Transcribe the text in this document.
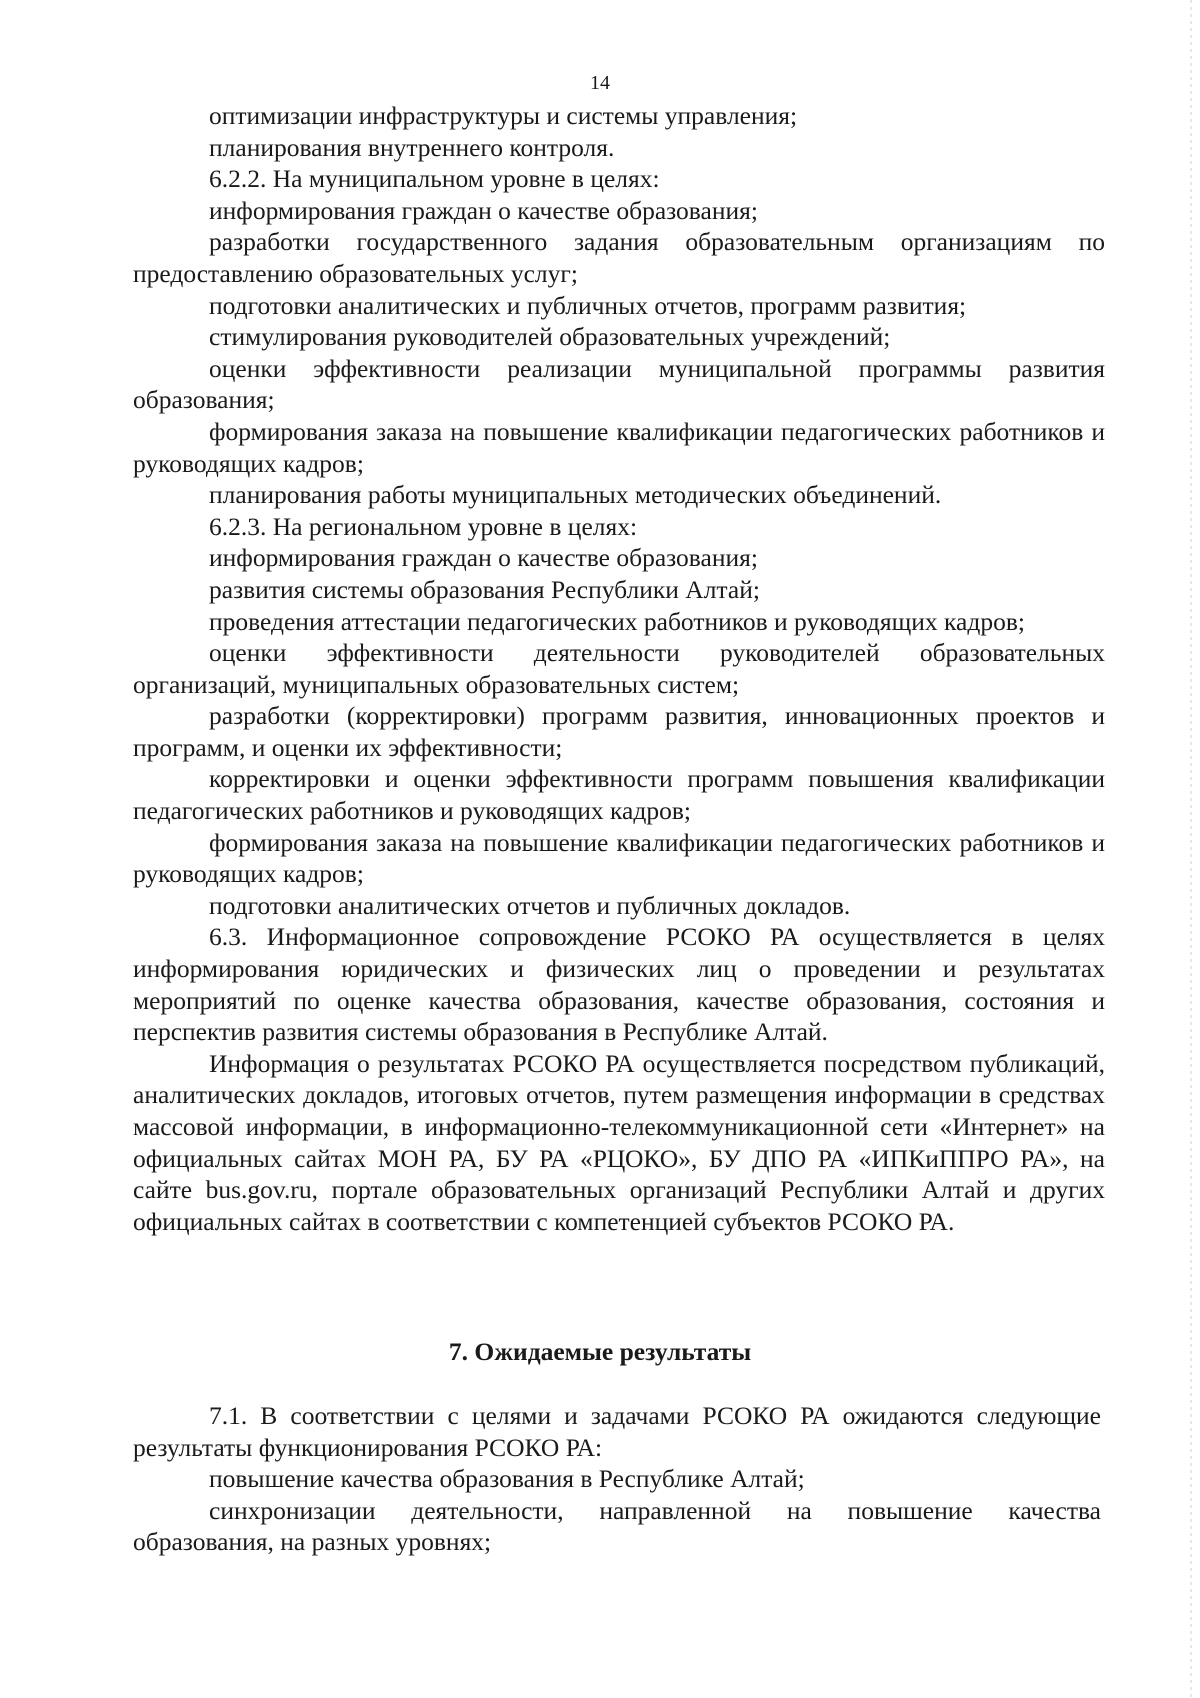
14

оптимизации инфраструктуры и системы управления;

планирования внутреннего контроля.

6.2.2. На муниципальном уровне в целях:

информирования граждан о качестве образования;

разработки государственного задания образовательным организациям по предоставлению образовательных услуг;

подготовки аналитических и публичных отчетов, программ развития;

стимулирования руководителей образовательных учреждений;

оценки эффективности реализации муниципальной программы развития образования;

формирования заказа на повышение квалификации педагогических работников и руководящих кадров;

планирования работы муниципальных методических объединений.

6.2.3. На региональном уровне в целях:

информирования граждан о качестве образования;

развития системы образования Республики Алтай;

проведения аттестации педагогических работников и руководящих кадров;

оценки эффективности деятельности руководителей образовательных организаций, муниципальных образовательных систем;

разработки (корректировки) программ развития, инновационных проектов и программ, и оценки их эффективности;

корректировки и оценки эффективности программ повышения квалификации педагогических работников и руководящих кадров;

формирования заказа на повышение квалификации педагогических работников и руководящих кадров;

подготовки аналитических отчетов и публичных докладов.

6.3. Информационное сопровождение РСОКО РА осуществляется в целях информирования юридических и физических лиц о проведении и результатах мероприятий по оценке качества образования, качестве образования, состояния и перспектив развития системы образования в Республике Алтай.

Информация о результатах РСОКО РА осуществляется посредством публикаций, аналитических докладов, итоговых отчетов, путем размещения информации в средствах массовой информации, в информационно-телекоммуникационной сети «Интернет» на официальных сайтах МОН РА, БУ РА «РЦОКО», БУ ДПО РА «ИПКиППРО РА», на сайте bus.gov.ru, портале образовательных организаций Республики Алтай и других официальных сайтах в соответствии с компетенцией субъектов РСОКО РА.

7. Ожидаемые результаты

7.1. В соответствии с целями и задачами РСОКО РА ожидаются следующие результаты функционирования РСОКО РА:

повышение качества образования в Республике Алтай;

синхронизации деятельности, направленной на повышение качества образования, на разных уровнях;
